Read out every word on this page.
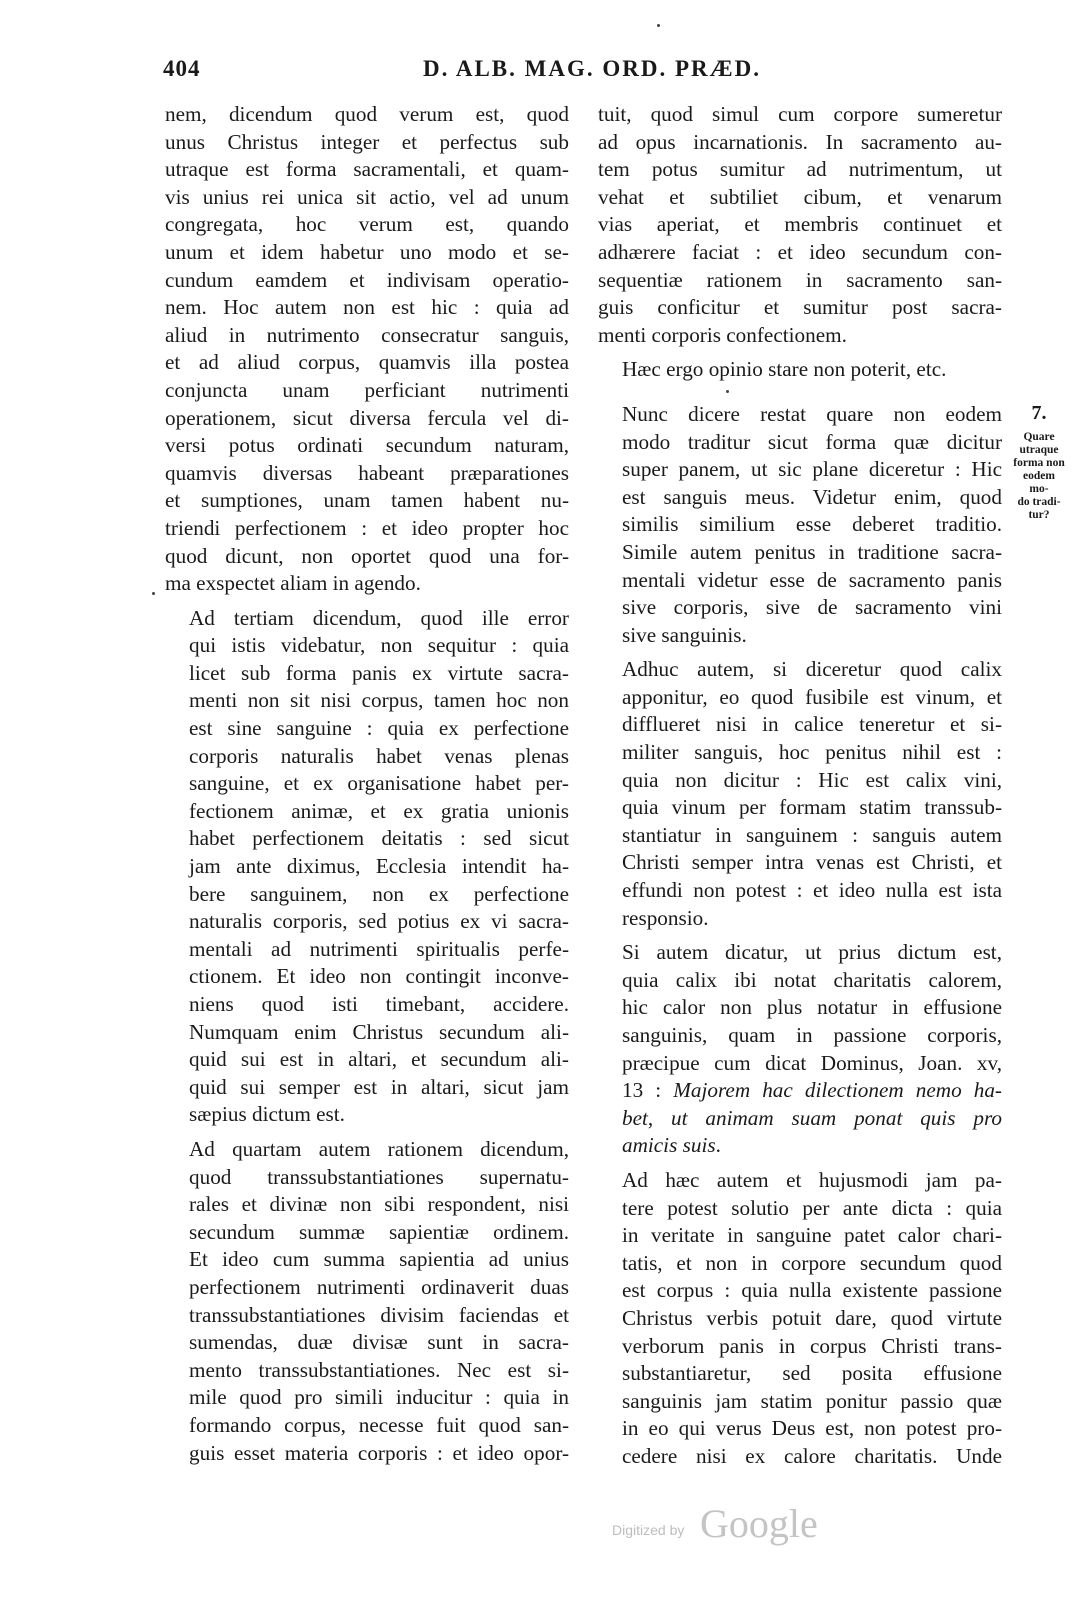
404	D. ALB. MAG. ORD. PRÆD.

nem, dicendum quod verum est, quod
unus Christus integer et perfectus sub
utraque est forma sacramentali, et quam-
vis unius rei unica sit actio, vel ad unum
congregata, hoc verum est, quando
unum et idem habetur uno modo et se-
cundum eamdem et indivisam operatio-
nem. Hoc autem non est hic : quia ad
aliud in nutrimento consecratur sanguis,
et ad aliud corpus, quamvis illa postea
conjuncta unam perficiant nutrimenti
operationem, sicut diversa fercula vel di-
versi potus ordinati secundum naturam,
quamvis diversas habeant præparationes
et sumptiones, unam tamen habent nu-
triendi perfectionem : et ideo propter hoc
quod dicunt, non oportet quod una for-
ma exspectet aliam in agendo.

Ad tertiam dicendum, quod ille error
qui istis videbatur, non sequitur : quia
licet sub forma panis ex virtute sacra-
menti non sit nisi corpus, tamen hoc non
est sine sanguine : quia ex perfectione
corporis naturalis habet venas plenas
sanguine, et ex organisatione habet per-
fectionem animæ, et ex gratia unionis
habet perfectionem deitatis : sed sicut
jam ante diximus, Ecclesia intendit ha-
bere sanguinem, non ex perfectione
naturalis corporis, sed potius ex vi sacra-
mentali ad nutrimenti spiritualis perfe-
ctionem. Et ideo non contingit inconve-
niens quod isti timebant, accidere.
Numquam enim Christus secundum ali-
quid sui est in altari, et secundum ali-
quid sui semper est in altari, sicut jam
sæpius dictum est.

Ad quartam autem rationem dicendum,
quod transsubstantiationes supernatu-
rales et divinæ non sibi respondent, nisi
secundum summæ sapientiæ ordinem.
Et ideo cum summa sapientia ad unius
perfectionem nutrimenti ordinaverit duas
transsubstantiationes divisim faciendas et
sumendas, duæ divisæ sunt in sacra-
mento transsubstantiationes. Nec est si-
mile quod pro simili inducitur : quia in
formando corpus, necesse fuit quod san-
guis esset materia corporis : et ideo opor-

tuit, quod simul cum corpore sumeretur
ad opus incarnationis. In sacramento au-
tem potus sumitur ad nutrimentum, ut
vehat et subtiliet cibum, et venarum
vias aperiat, et membris continuet et
adhærere faciat : et ideo secundum con-
sequentiæ rationem in sacramento san-
guis conficitur et sumitur post sacra-
menti corporis confectionem.

Hæc ergo opinio stare non poterit, etc.

Nunc dicere restat quare non eodem
modo traditur sicut forma quæ dicitur
super panem, ut sic plane diceretur : Hic
est sanguis meus. Videtur enim, quod
similis similium esse deberet traditio.
Simile autem penitus in traditione sacra-
mentali videtur esse de sacramento panis
sive corporis, sive de sacramento vini
sive sanguinis.

Adhuc autem, si diceretur quod calix
apponitur, eo quod fusibile est vinum, et
difflueret nisi in calice teneretur et si-
militer sanguis, hoc penitus nihil est :
quia non dicitur : Hic est calix vini,
quia vinum per formam statim transsub-
stantiatur in sanguinem : sanguis autem
Christi semper intra venas est Christi, et
effundi non potest : et ideo nulla est ista
responsio.

Si autem dicatur, ut prius dictum est,
quia calix ibi notat charitatis calorem,
hic calor non plus notatur in effusione
sanguinis, quam in passione corporis,
præcipue cum dicat Dominus, Joan. xv,
13 : Majorem hac dilectionem nemo ha-
bet, ut animam suam ponat quis pro
amicis suis.

Ad hæc autem et hujusmodi jam pa-
tere potest solutio per ante dicta : quia
in veritate in sanguine patet calor chari-
tatis, et non in corpore secundum quod
est corpus : quia nulla existente passione
Christus verbis potuit dare, quod virtute
verborum panis in corpus Christi trans-
substantiaretur, sed posita effusione
sanguinis jam statim ponitur passio quæ
in eo qui verus Deus est, non potest pro-
cedere nisi ex calore charitatis. Unde

7.
Quare
utraque
forma non
eodem mo-
do tradi-
tur?
Digitized by Google
